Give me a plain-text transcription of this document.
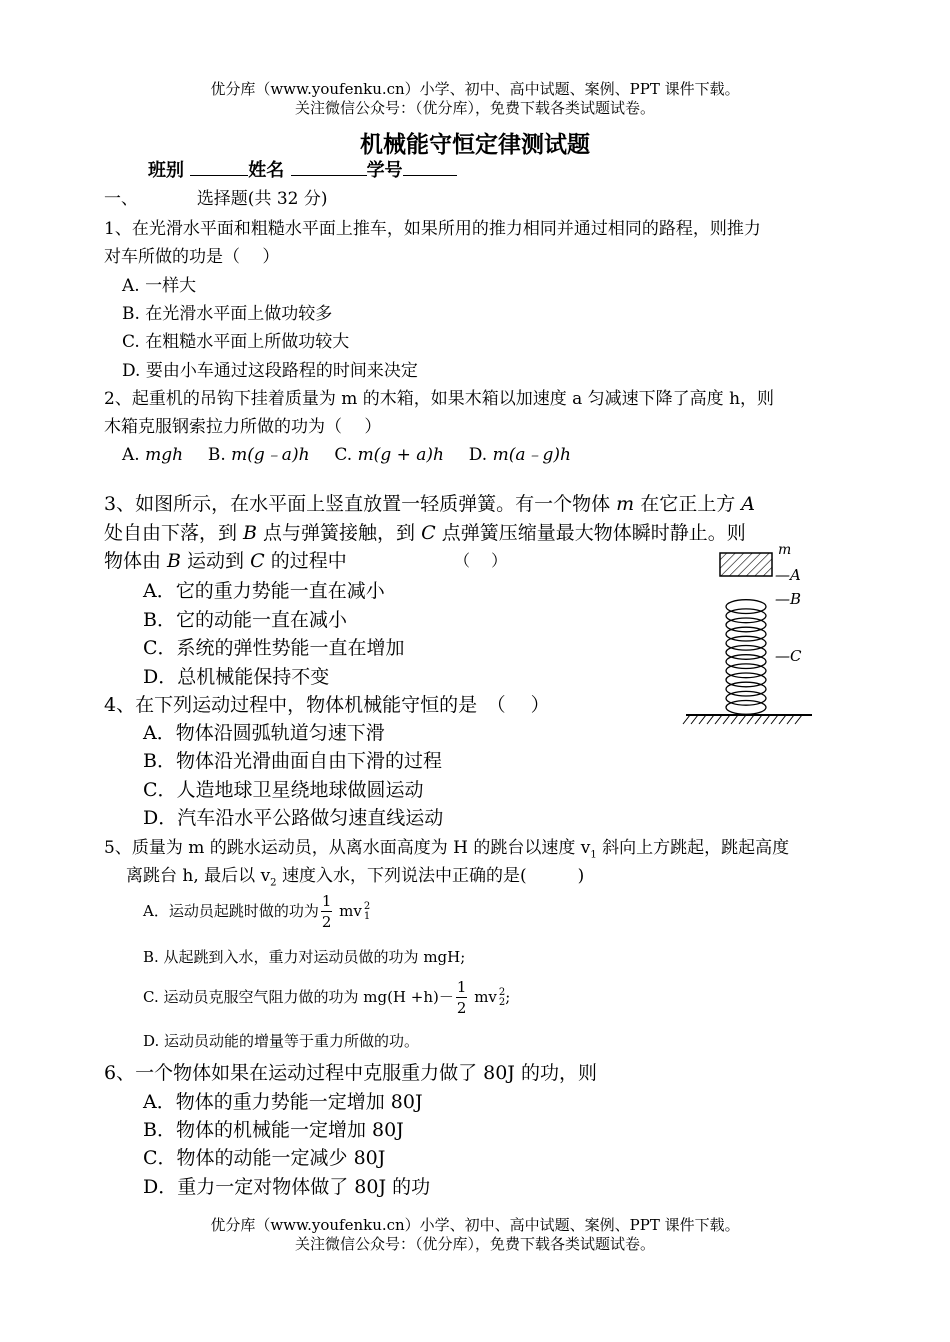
优分库（www.youfenku.cn）小学、初中、高中试题、案例、PPT 课件下载。
关注微信公众号：（优分库），免费下载各类试题试卷。
机械能守恒定律测试题
班别	姓名	学号
一、	选择题(共 32 分)
1、在光滑水平面和粗糙水平面上推车，如果所用的推力相同并通过相同的路程，则推力
对车所做的功是（　 ）
A. 一样大
B. 在光滑水平面上做功较多
C. 在粗糙水平面上所做功较大
D. 要由小车通过这段路程的时间来决定
2、起重机的吊钩下挂着质量为 m 的木箱，如果木箱以加速度 a 匀减速下降了高度 h，则
木箱克服钢索拉力所做的功为（　 ）
A. mgh B. m(g﹣a)h C. m(g + a)h D. m(a﹣g)h
3、如图所示，在水平面上竖直放置一轻质弹簧。有一个物体 m 在它正上方 A
处自由下落，到 B 点与弹簧接触，到 C 点弹簧压缩量最大物体瞬时静止。则
物体由 B 运动到 C 的过程中	（　 ）
A．它的重力势能一直在减小
B．它的动能一直在减小
C．系统的弹性势能一直在增加
D．总机械能保持不变
m
—A
—B
—C
4、在下列运动过程中，物体机械能守恒的是　（　 ）
A．物体沿圆弧轨道匀速下滑
B．物体沿光滑曲面自由下滑的过程
C．人造地球卫星绕地球做圆运动
D．汽车沿水平公路做匀速直线运动
5、质量为 m 的跳水运动员，从离水面高度为 H 的跳台以速度 $v_1$ 斜向上方跳起，跳起高度
离跳台 h, 最后以 $v_2$ 速度入水，下列说法中正确的是(　　　)
A．运动员起跳时做的功为 $\frac{1}{2}$ mv 2
1
B. 从起跳到入水，重力对运动员做的功为 mgH;
C. 运动员克服空气阻力做的功为 $mg(H +h)- \frac{1}{2}$ mv 2
2 ;
D. 运动员动能的增量等于重力所做的功。
6、一个物体如果在运动过程中克服重力做了 80J 的功，则
A．物体的重力势能一定增加 80J
B．物体的机械能一定增加 80J
C．物体的动能一定减少 80J
D．重力一定对物体做了 80J 的功
优分库（www.youfenku.cn）小学、初中、高中试题、案例、PPT 课件下载。
关注微信公众号：（优分库），免费下载各类试题试卷。
